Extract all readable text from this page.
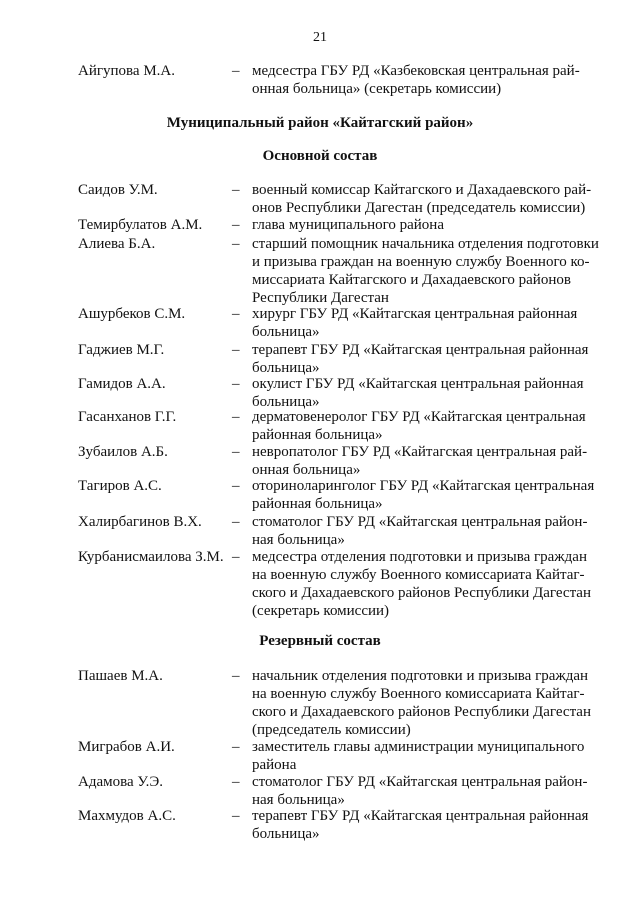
21
Айгупова М.А.	– медсестра ГБУ РД «Казбековская центральная рай-
онная больница» (секретарь комиссии)
Муниципальный район «Кайтагский район»
Основной состав
Саидов У.М.	– военный комиссар Кайтагского и Дахадаевского рай-
онов Республики Дагестан (председатель комиссии)
Темирбулатов А.М.	– глава муниципального района
Алиева Б.А.	– старший помощник начальника отделения подготовки
и призыва граждан на военную службу Военного ко-
миссариата Кайтагского и Дахадаевского районов
Республики Дагестан
Ашурбеков С.М.	– хирург ГБУ РД «Кайтагская центральная районная
больница»
Гаджиев М.Г.	– терапевт ГБУ РД «Кайтагская центральная районная
больница»
Гамидов А.А.	– окулист ГБУ РД «Кайтагская центральная районная
больница»
Гасанханов Г.Г.	– дерматовенеролог ГБУ РД «Кайтагская центральная
районная больница»
Зубаилов А.Б.	– невропатолог ГБУ РД «Кайтагская центральная рай-
онная больница»
Тагиров А.С.	– оториноларинголог ГБУ РД «Кайтагская центральная
районная больница»
Халирбагинов В.Х.	– стоматолог ГБУ РД «Кайтагская центральная район-
ная больница»
Курбанисмаилова З.М. – медсестра отделения подготовки и призыва граждан
на военную службу Военного комиссариата Кайтаг-
ского и Дахадаевского районов Республики Дагестан
(секретарь комиссии)
Резервный состав
Пашаев М.А.	– начальник отделения подготовки и призыва граждан
на военную службу Военного комиссариата Кайтаг-
ского и Дахадаевского районов Республики Дагестан
(председатель комиссии)
Миграбов А.И.	– заместитель главы администрации муниципального
района
Адамова У.Э.	– стоматолог ГБУ РД «Кайтагская центральная район-
ная больница»
Махмудов А.С.	– терапевт ГБУ РД «Кайтагская центральная районная
больница»
